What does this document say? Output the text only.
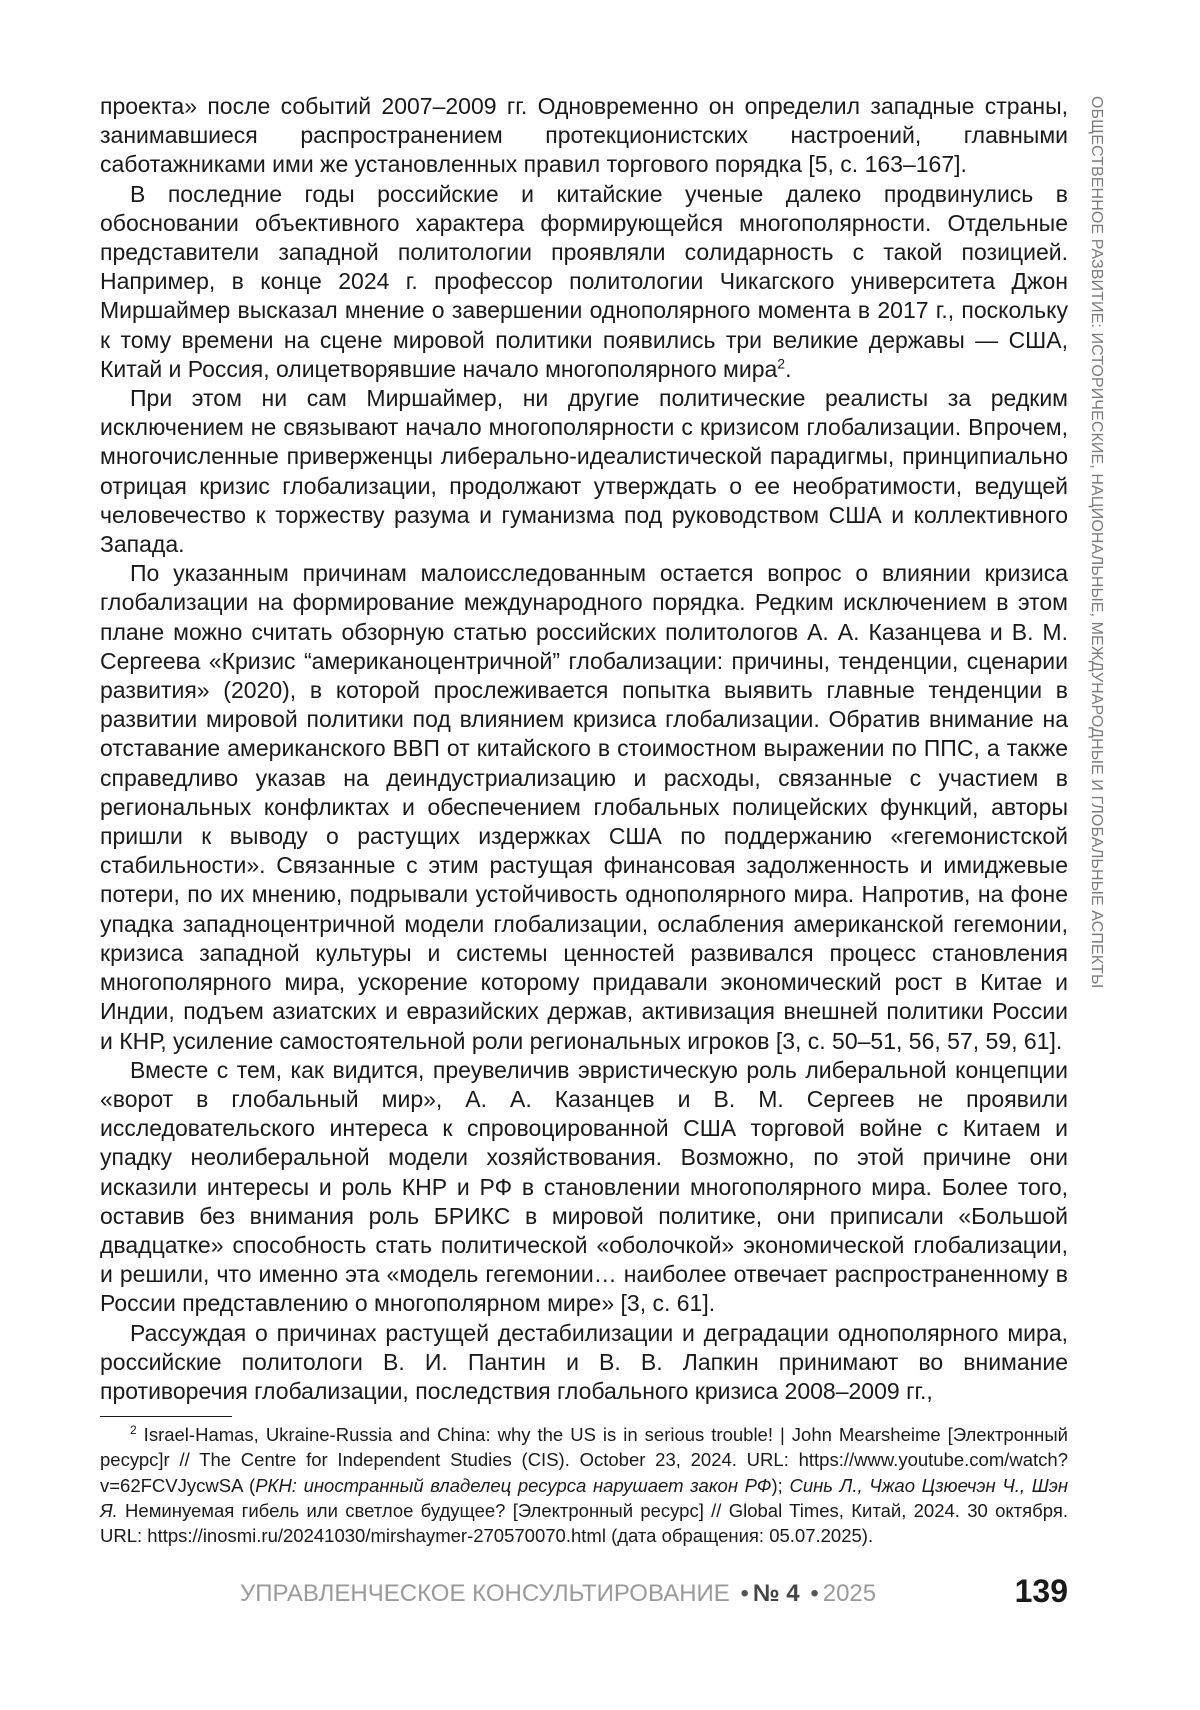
ОБЩЕСТВЕННОЕ РАЗВИТИЕ: ИСТОРИЧЕСКИЕ, НАЦИОНАЛЬНЫЕ, МЕЖДУНАРОДНЫЕ И ГЛОБАЛЬНЫЕ АСПЕКТЫ

проекта» после событий 2007–2009 гг. Одновременно он определил западные страны, занимавшиеся распространением протекционистских настроений, главными саботажниками ими же установленных правил торгового порядка [5, с. 163–167].

В последние годы российские и китайские ученые далеко продвинулись в обосновании объективного характера формирующейся многополярности. Отдельные представители западной политологии проявляли солидарность с такой позицией. Например, в конце 2024 г. профессор политологии Чикагского университета Джон Миршаймер высказал мнение о завершении однополярного момента в 2017 г., поскольку к тому времени на сцене мировой политики появились три великие державы — США, Китай и Россия, олицетворявшие начало многополярного мира$^2$.

При этом ни сам Миршаймер, ни другие политические реалисты за редким исключением не связывают начало многополярности с кризисом глобализации. Впрочем, многочисленные приверженцы либерально-идеалистической парадигмы, принципиально отрицая кризис глобализации, продолжают утверждать о ее необратимости, ведущей человечество к торжеству разума и гуманизма под руководством США и коллективного Запада.

По указанным причинам малоисследованным остается вопрос о влиянии кризиса глобализации на формирование международного порядка. Редким исключением в этом плане можно считать обзорную статью российских политологов А. А. Казанцева и В. М. Сергеева «Кризис “американоцентричной” глобализации: причины, тенденции, сценарии развития» (2020), в которой прослеживается попытка выявить главные тенденции в развитии мировой политики под влиянием кризиса глобализации. Обратив внимание на отставание американского ВВП от китайского в стоимостном выражении по ППС, а также справедливо указав на деиндустриализацию и расходы, связанные с участием в региональных конфликтах и обеспечением глобальных полицейских функций, авторы пришли к выводу о растущих издержках США по поддержанию «гегемонистской стабильности». Связанные с этим растущая финансовая задолженность и имиджевые потери, по их мнению, подрывали устойчивость однополярного мира. Напротив, на фоне упадка западноцентричной модели глобализации, ослабления американской гегемонии, кризиса западной культуры и системы ценностей развивался процесс становления многополярного мира, ускорение которому придавали экономический рост в Китае и Индии, подъем азиатских и евразийских держав, активизация внешней политики России и КНР, усиление самостоятельной роли региональных игроков [3, с. 50–51, 56, 57, 59, 61].

Вместе с тем, как видится, преувеличив эвристическую роль либеральной концепции «ворот в глобальный мир», А. А. Казанцев и В. М. Сергеев не проявили исследовательского интереса к спровоцированной США торговой войне с Китаем и упадку неолиберальной модели хозяйствования. Возможно, по этой причине они исказили интересы и роль КНР и РФ в становлении многополярного мира. Более того, оставив без внимания роль БРИКС в мировой политике, они приписали «Большой двадцатке» способность стать политической «оболочкой» экономической глобализации, и решили, что именно эта «модель гегемонии… наиболее отвечает распространенному в России представлению о многополярном мире» [3, с. 61].

Рассуждая о причинах растущей дестабилизации и деградации однополярного мира, российские политологи В. И. Пантин и В. В. Лапкин принимают во внимание противоречия глобализации, последствия глобального кризиса 2008–2009 гг.,

$^2$ Israel-Hamas, Ukraine-Russia and China: why the US is in serious trouble! | John Mearsheime [Электронный ресурс]r // The Centre for Independent Studies (CIS). October 23, 2024. URL: https://www.youtube.com/watch?v=62FCVJycwSA (РКН: иностранный владелец ресурса нарушает закон РФ); Синь Л., Чжао Цзюечэн Ч., Шэн Я. Неминуемая гибель или светлое будущее? [Электронный ресурс] // Global Times, Китай, 2024. 30 октября. URL: https://inosmi.ru/20241030/mirshaymer-270570070.html (дата обращения: 05.07.2025).

УПРАВЛЕНЧЕСКОЕ КОНСУЛЬТИРОВАНИЕ • № 4 • 2025	139
